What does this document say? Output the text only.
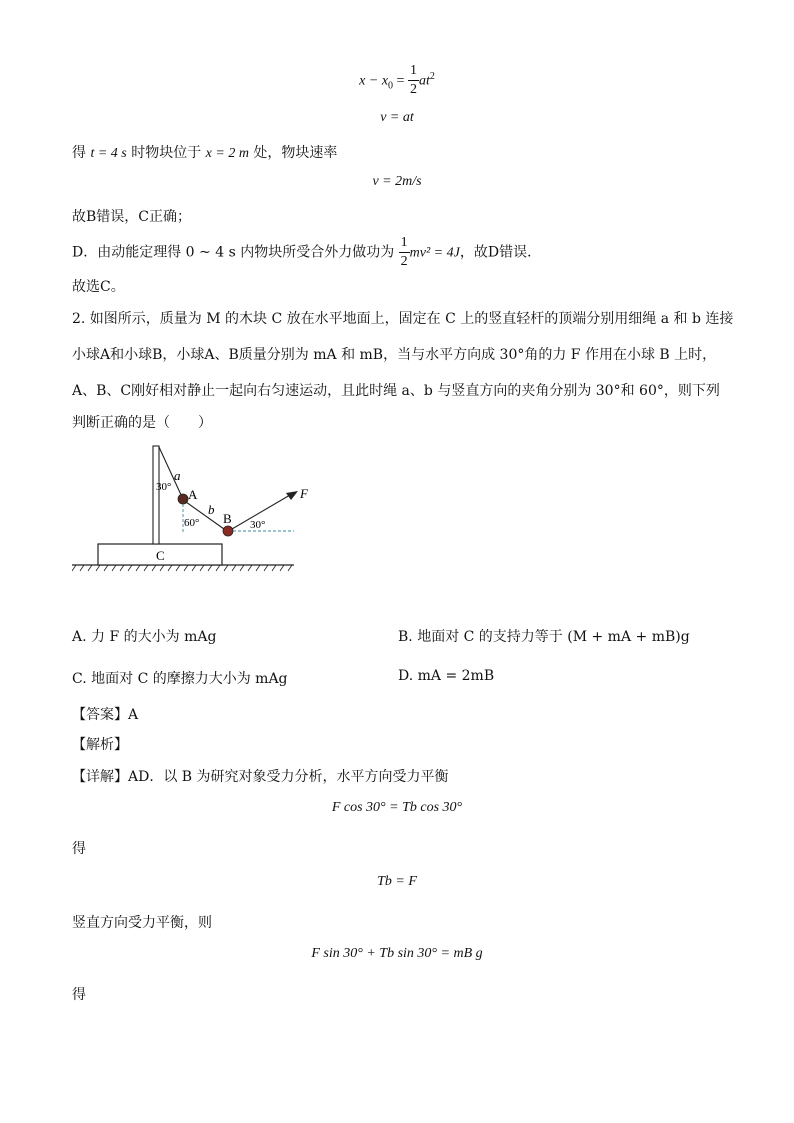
$x - x_0 = \frac{1}{2} at^2$
v = at
得 t = 4 s 时物块位于 x = 2 m 处，物块速率
v = 2m/s
故B错误，C正确；
D．由动能定理得 0 ~ 4 s 内物块所受合外力做功为 $\frac{1}{2} mv^2 = 4J$，故D错误．
故选C。
2. 如图所示，质量为 M 的木块 C 放在水平地面上，固定在 C 上的竖直轻杆的顶端分别用细绳 a 和 b 连接
小球A和小球B，小球A、B质量分别为 mA 和 mB，当与水平方向成 30°角的力 F 作用在小球 B 上时，
A、B、C刚好相对静止一起向右匀速运动，且此时绳 a、b 与竖直方向的夹角分别为 30°和 60°，则下列
判断正确的是（　　）
C
a
30° A
60°
b
B 30°
F
A. 力 F 的大小为 mAg	B. 地面对 C 的支持力等于 (M + mA + mB)g
C. 地面对 C 的摩擦力大小为 mAg	D. mA = 2mB
【答案】A
【解析】
【详解】AD．以 B 为研究对象受力分析，水平方向受力平衡
F cos 30° = Tb cos 30°
得
Tb = F
竖直方向受力平衡，则
F sin 30° + Tb sin 30° = mB g
得
